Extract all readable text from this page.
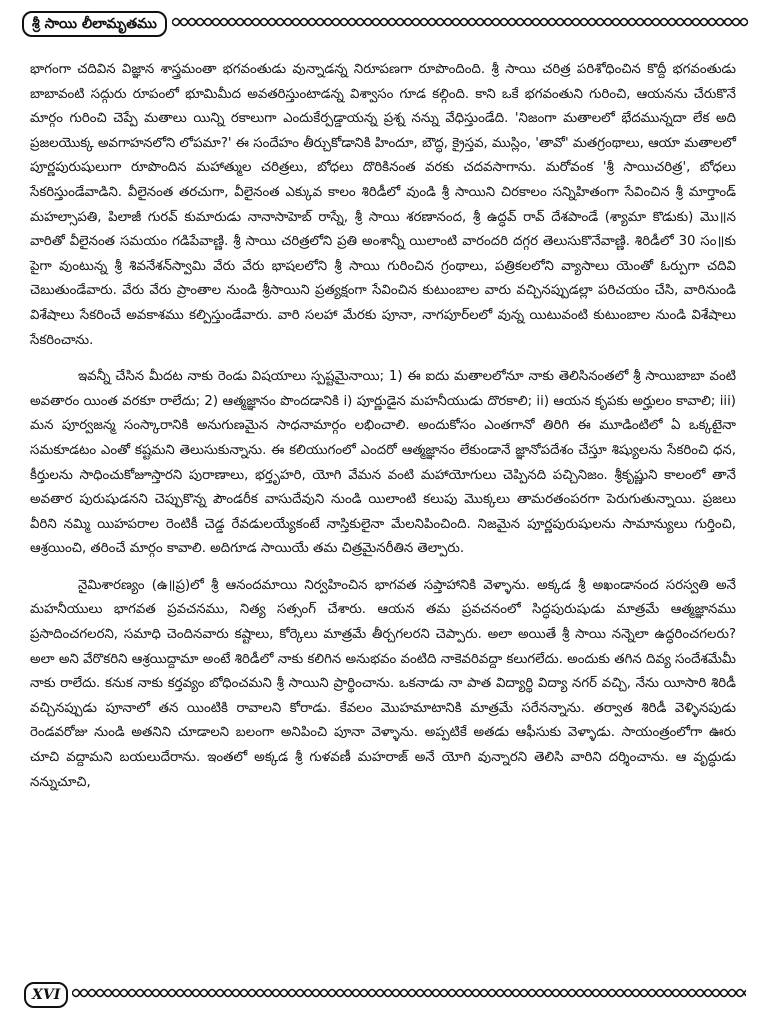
శ్రీ సాయి లీలామృతము

భాగంగా చదివిన విజ్ఞాన శాస్త్రమంతా భగవంతుడు వున్నాడన్న నిరూపణగా రూపొందింది. శ్రీ సాయి చరిత్ర పరిశోధించిన కొద్దీ భగవంతుడు బాబావంటి సద్గురు రూపంలో భూమిమీద అవతరిస్తుంటాడన్న విశ్వాసం గూడ కల్గింది. కాని ఒకే భగవంతుని గురించి, ఆయనను చేరుకొనే మార్గం గురించి చెప్పే మతాలు యిన్ని రకాలుగా ఎందుకేర్పడ్డాయన్న ప్రశ్న నన్ను వేధిస్తుండేది. 'నిజంగా మతాలలో భేదమున్నదా లేక అది ప్రజలయొక్క అవగాహనలోని లోపమా?' ఈ సందేహం తీర్చుకోడానికి హిందూ, బౌద్ధ, క్రైస్తవ, ముస్లిం, 'తావో' మతగ్రంథాలు, ఆయా మతాలలో పూర్ణపురుషులుగా రూపొందిన మహాత్ముల చరిత్రలు, బోధలు దొరికినంత వరకు చదవసాగాను. మరోవంక 'శ్రీ సాయిచరిత్ర', బోధలు సేకరిస్తుండేవాడిని. వీలైనంత తరచుగా, వీలైనంత ఎక్కువ కాలం శిరిడీలో వుండి శ్రీ సాయిని చిరకాలం సన్నిహితంగా సేవించిన శ్రీ మార్తాండ్ మహల్సాపతి, పిలాజీ గురవ్ కుమారుడు నానాసాహెబ్ రాస్నే, శ్రీ సాయి శరణానంద, శ్రీ ఉద్ధవ్ రావ్ దేశపాండే (శ్యామా కొడుకు) మొ॥న వారితో వీలైనంత సమయం గడిపేవాణ్ణి. శ్రీ సాయి చరిత్రలోని ప్రతి అంశాన్నీ యిలాంటి వారందరి దగ్గర తెలుసుకొనేవాణ్ణి. శిరిడీలో 30 సం॥కు పైగా వుంటున్న శ్రీ శివనేశన్‌స్వామి వేరు వేరు భాషలలోని శ్రీ సాయి గురించిన గ్రంథాలు, పత్రికలలోని వ్యాసాలు యెంతో ఓర్పుగా చదివి చెబుతుండేవారు. వేరు వేరు ప్రాంతాల నుండి శ్రీసాయిని ప్రత్యక్షంగా సేవించిన కుటుంబాల వారు వచ్చినప్పుడల్లా పరిచయం చేసి, వారినుండి విశేషాలు సేకరించే అవకాశము కల్పిస్తుండేవారు. వారి సలహా మేరకు పూనా, నాగపూర్‌లలో వున్న యిటువంటి కుటుంబాల నుండి విశేషాలు సేకరించాను.

ఇవన్నీ చేసిన మీదట నాకు రెండు విషయాలు స్పష్టమైనాయి; 1) ఈ ఐదు మతాలలోనూ నాకు తెలిసినంతలో శ్రీ సాయిబాబా వంటి అవతారం యింత వరకూ రాలేదు; 2) ఆత్మజ్ఞానం పొందడానికి i) పూర్ణుడైన మహనీయుడు దొరకాలి; ii) ఆయన కృపకు అర్హులం కావాలి; iii) మన పూర్వజన్మ సంస్కారానికి అనుగుణమైన సాధనామార్గం లభించాలి. అందుకోసం ఎంతగానో తిరిగి ఈ మూడింటిలో ఏ ఒక్కటైనా సమకూడటం ఎంతో కష్టమని తెలుసుకున్నాను. ఈ కలియుగంలో ఎందరో ఆత్మజ్ఞానం లేకుండానే జ్ఞానోపదేశం చేస్తూ శిష్యులను సేకరించి ధన, కీర్తులను సాధించుకోజూస్తారని పురాణాలు, భర్తృహరి, యోగి వేమన వంటి మహాయోగులు చెప్పినది పచ్చినిజం. శ్రీకృష్ణుని కాలంలో తానే అవతార పురుషుడనని చెప్పుకొన్న పౌండరీక వాసుదేవుని నుండి యిలాంటి కలుపు మొక్కలు తామరతంపరగా పెరుగుతున్నాయి. ప్రజలు వీరిని నమ్మి యిహపరాల రెంటికీ చెడ్డ రేవడులయ్యేకంటే నాస్తికులైనా మేలనిపించింది. నిజమైన పూర్ణపురుషులను సామాన్యులు గుర్తించి, ఆశ్రయించి, తరించే మార్గం కావాలి. అదిగూడ సాయియే తమ చిత్రమైనరీతిన తెల్పారు.

నైమిశారణ్యం (ఉ॥ప్ర)లో శ్రీ ఆనందమాయి నిర్వహించిన భాగవత సప్తాహానికి వెళ్ళాను. అక్కడ శ్రీ అఖండానంద సరస్వతి అనే మహనీయులు భాగవత ప్రవచనము, నిత్య సత్సంగ్ చేశారు. ఆయన తమ ప్రవచనంలో సిద్ధపురుషుడు మాత్రమే ఆత్మజ్ఞానము ప్రసాదించగలరని, సమాధి చెందినవారు కష్టాలు, కోర్కెలు మాత్రమే తీర్చగలరని చెప్పారు. అలా అయితే శ్రీ సాయి నన్నెలా ఉద్ధరించగలరు? అలా అని వేరొకరిని ఆశ్రయిద్దామా అంటే శిరిడీలో నాకు కలిగిన అనుభవం వంటిది నాకెవరివద్దా కలుగలేదు. అందుకు తగిన దివ్య సందేశమేమీ నాకు రాలేదు. కనుక నాకు కర్తవ్యం బోధించమని శ్రీ సాయిని ప్రార్థించాను. ఒకనాడు నా పాత విద్యార్థి విద్యా నగర్ వచ్చి, నేను యీసారి శిరిడీ వచ్చినప్పుడు పూనాలో తన యింటికి రావాలని కోరాడు. కేవలం మొహమాటానికి మాత్రమే సరేనన్నాను. తర్వాత శిరిడీ వెళ్ళినపుడు రెండవరోజు నుండి అతనిని చూడాలని బలంగా అనిపించి పూనా వెళ్ళాను. అప్పటికే అతడు ఆఫీసుకు వెళ్ళాడు. సాయంత్రంలోగా ఊరు చూచి వద్దామని బయలుదేరాను. ఇంతలో అక్కడ శ్రీ గుళవణీ మహరాజ్ అనే యోగి వున్నారని తెలిసి వారిని దర్శించాను. ఆ వృద్ధుడు నన్నుచూచి,

XVI
